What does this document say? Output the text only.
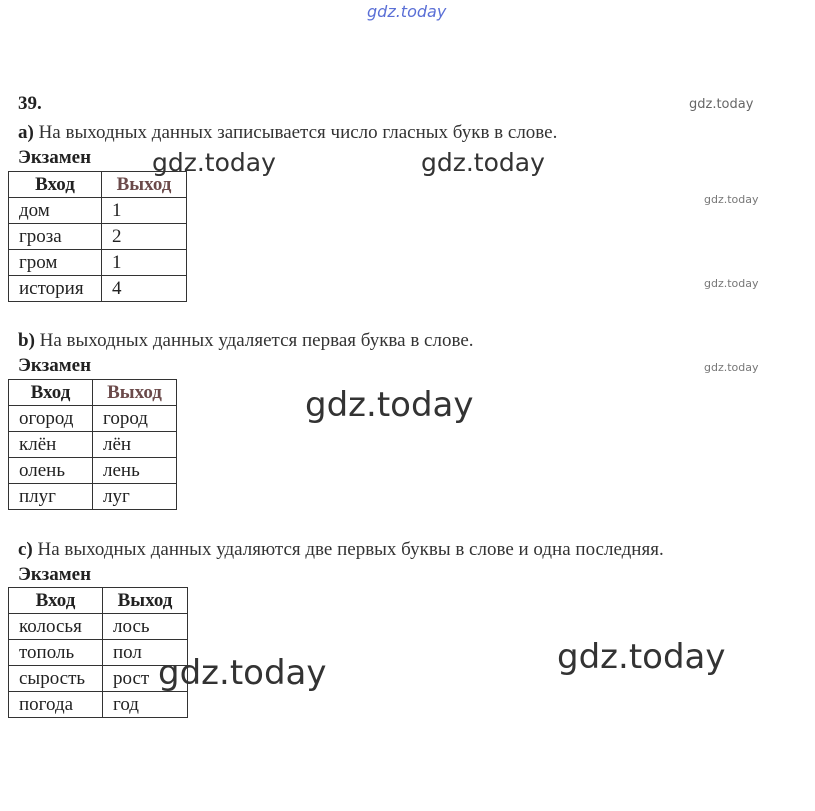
gdz.today
39.	gdz.today
а) На выходных данных записывается число гласных букв в слове.
Экзамен gdz.today	gdz.today
gdz.today
gdz.today
Вход	Выход
дом	1
гроза	2
гром	1
история	4
b) На выходных данных удаляется первая буква в слове.
Экзамен	gdz.today
gdz.today
Вход	Выход
огород	город
клён	лён
олень	лень
плуг	луг
с) На выходных данных удаляются две первых буквы в слове и одна последняя.
Экзамен
Вход	Выход
колосья	лось
тополь	пол
сырость	рост
погода	год
gdz.today
gdz.today
